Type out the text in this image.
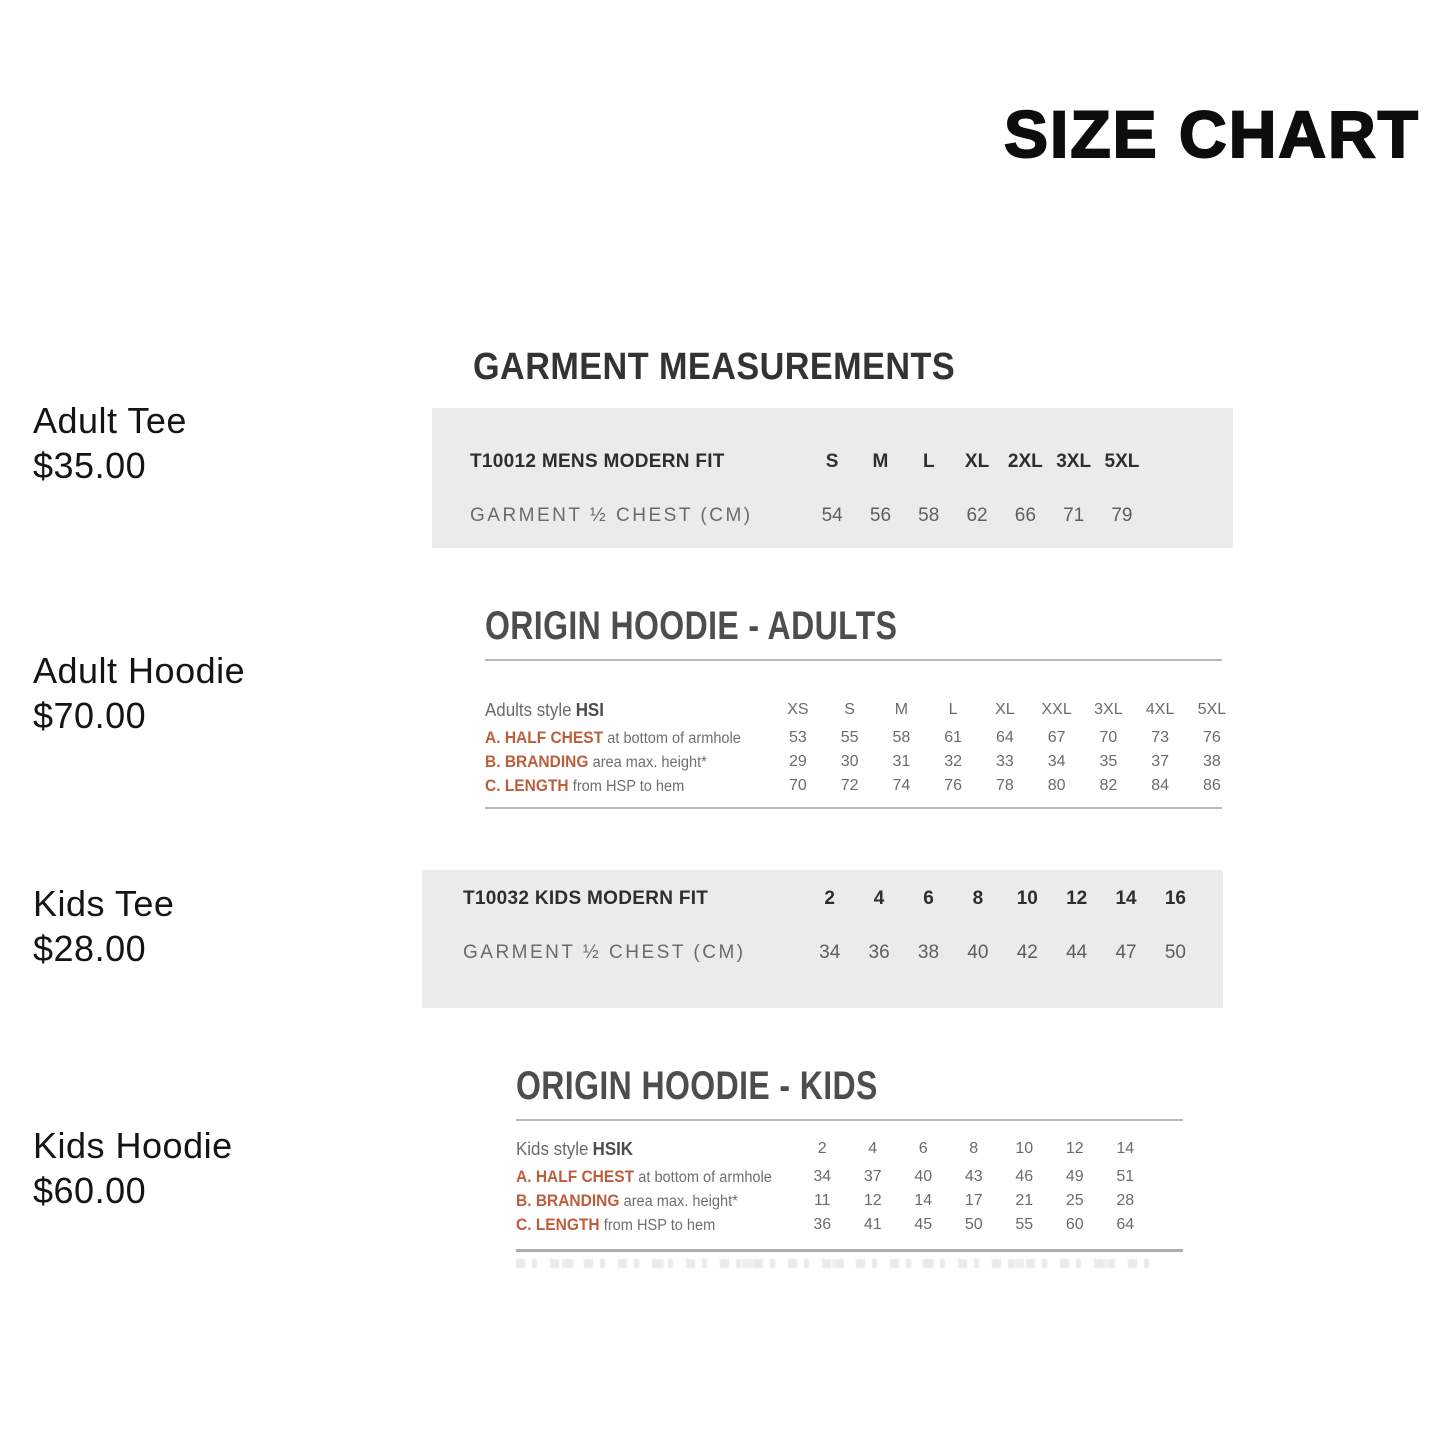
SIZE CHART
Adult Tee
$35.00
Adult Hoodie
$70.00
Kids Tee
$28.00
Kids Hoodie
$60.00
GARMENT MEASUREMENTS
T10012 MENS MODERN FIT	S	M	L	XL 2XL 3XL 5XL
GARMENT ½ CHEST (CM)	54	56	58	62	66	71	79
ORIGIN HOODIE - ADULTS
Adults style HSI	XS	S	M	L	XL	XXL	3XL	4XL	5XL
A. HALF CHEST at bottom of armhole	53	55	58	61	64	67	70	73	76
B. BRANDING area max. height*	29	30	31	32	33	34	35	37	38
C. LENGTH from HSP to hem	70	72	74	76	78	80	82	84	86
T10032 KIDS MODERN FIT	2	4	6	8	10	12	14	16
GARMENT ½ CHEST (CM)	34	36	38	40	42	44	47	50
ORIGIN HOODIE - KIDS
Kids style HSIK	2	4	6	8	10	12	14
A. HALF CHEST at bottom of armhole	34	37	40	43	46	49	51
B. BRANDING area max. height*	11	12	14	17	21	25	28
C. LENGTH from HSP to hem	36	41	45	50	55	60	64
